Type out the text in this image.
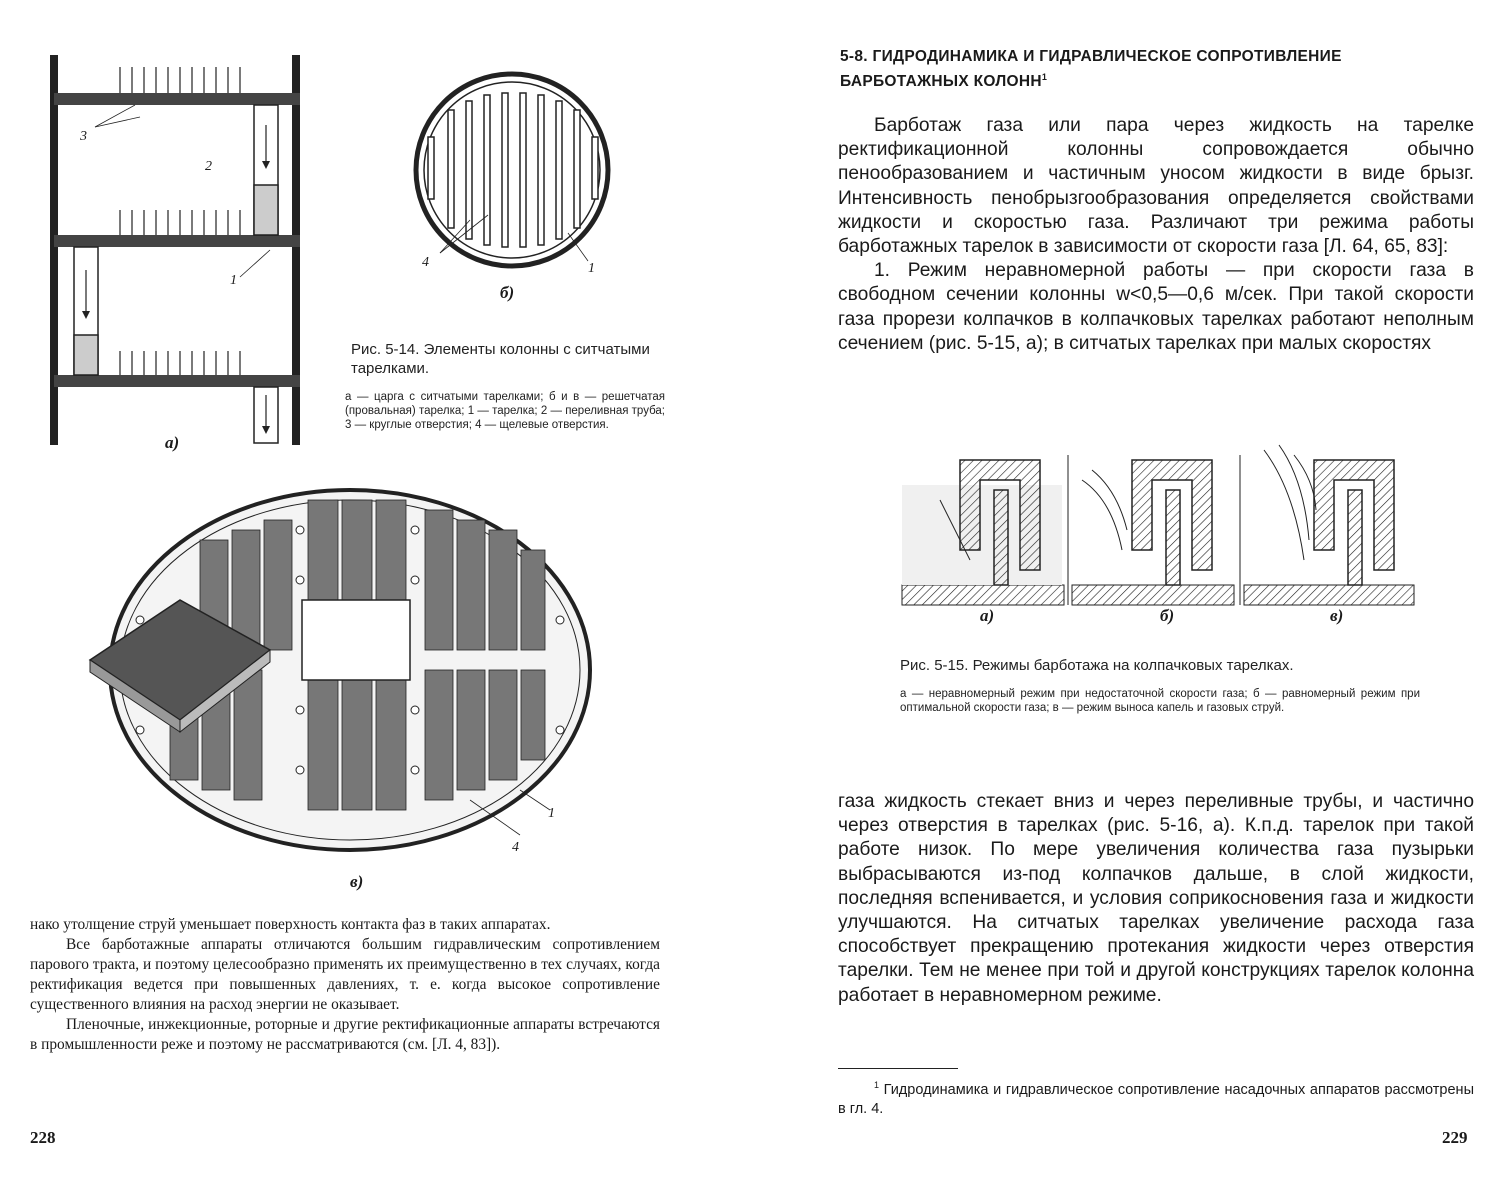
3
2
1
а)
4	1
б)
Рис. 5-14. Элементы колонны с ситчатыми тарелками.
а — царга с ситчатыми тарелками; б и в — решетчатая (провальная) тарелка; 1 — тарелка; 2 — переливная труба; 3 — круглые отверстия; 4 — щелевые отверстия.
1
4
в)

нако утолщение струй уменьшает поверхность контакта фаз в таких аппаратах.

Все барботажные аппараты отличаются большим гидравлическим сопротивлением парового тракта, и поэтому целесообразно применять их преимущественно в тех случаях, когда ректификация ведется при повышенных давлениях, т. е. когда высокое сопротивление существенного влияния на расход энергии не оказывает.

Пленочные, инжекционные, роторные и другие ректификационные аппараты встречаются в промышленности реже и поэтому не рассматриваются (см. [Л. 4, 83]).

228
5-8. ГИДРОДИНАМИКА И ГИДРАВЛИЧЕСКОЕ СОПРОТИВЛЕНИЕ БАРБОТАЖНЫХ КОЛОНН$^1$

Барботаж газа или пара через жидкость на тарелке ректификационной колонны сопровождается обычно пенообразованием и частичным уносом жидкости в виде брызг. Интенсивность пенобрызгообразования определяется свойствами жидкости и скоростью газа. Различают три режима работы барботажных тарелок в зависимости от скорости газа [Л. 64, 65, 83]:

1. Режим неравномерной работы — при скорости газа в свободном сечении колонны w<0,5—0,6 м/сек. При такой скорости газа прорези колпачков в колпачковых тарелках работают неполным сечением (рис. 5-15, а); в ситчатых тарелках при малых скоростях

а)	б)	в)
Рис. 5-15. Режимы барботажа на колпачковых тарелках.
а — неравномерный режим при недостаточной скорости газа; б — равномерный режим при оптимальной скорости газа; в — режим выноса капель и газовых струй.

газа жидкость стекает вниз и через переливные трубы, и частично через отверстия в тарелках (рис. 5-16, а). К.п.д. тарелок при такой работе низок. По мере увеличения количества газа пузырьки выбрасываются из-под колпачков дальше, в слой жидкости, последняя вспенивается, и условия соприкосновения газа и жидкости улучшаются. На ситчатых тарелках увеличение расхода газа способствует прекращению протекания жидкости через отверстия тарелки. Тем не менее при той и другой конструкциях тарелок колонна работает в неравномерном режиме.

$^1$ Гидродинамика и гидравлическое сопротивление насадочных аппаратов рассмотрены в гл. 4.

229
